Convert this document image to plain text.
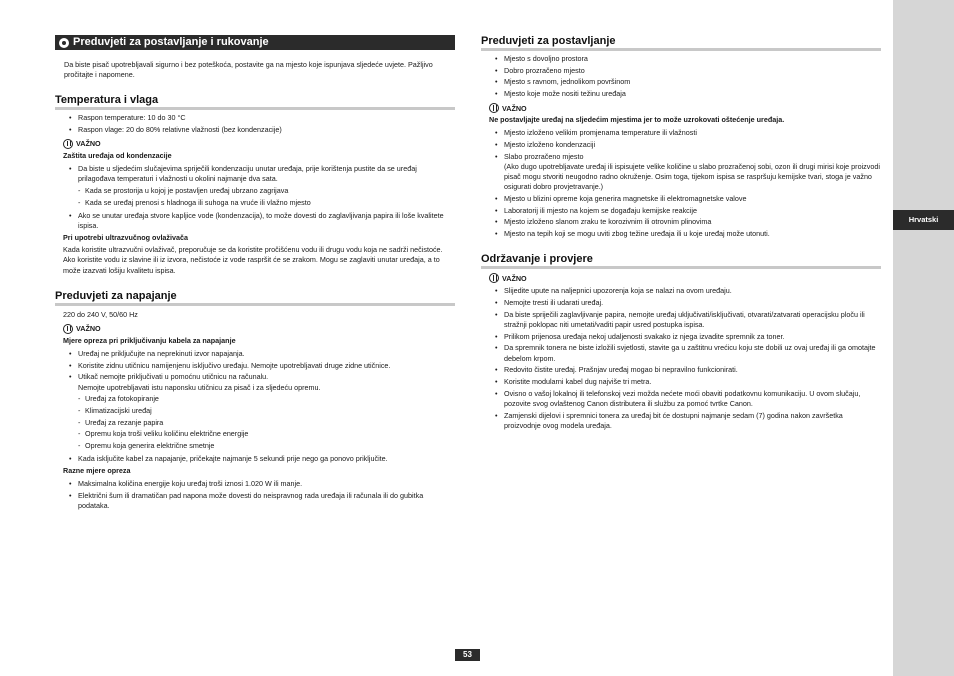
Hrvatski
Preduvjeti za postavljanje i rukovanje

Da biste pisač upotrebljavali sigurno i bez poteškoća, postavite ga na mjesto koje ispunjava sljedeće uvjete. Pažljivo pročitajte i napomene.

Temperatura i vlaga
• Raspon temperature: 10 do 30 °C
• Raspon vlage: 20 do 80% relativne vlažnosti (bez kondenzacije)
VAŽNO
Zaštita uređaja od kondenzacije
• Da biste u sljedećim slučajevima spriječili kondenzaciju unutar uređaja, prije korištenja pustite da se uređaj prilagođava temperaturi i vlažnosti u okolini najmanje dva sata.
- Kada se prostorija u kojoj je postavljen uređaj ubrzano zagrijava
- Kada se uređaj prenosi s hladnoga ili suhoga na vruće ili vlažno mjesto
• Ako se unutar uređaja stvore kapljice vode (kondenzacija), to može dovesti do zaglavljivanja papira ili loše kvalitete ispisa.
Pri upotrebi ultrazvučnog ovlaživača

Kada koristite ultrazvučni ovlaživač, preporučuje se da koristite pročišćenu vodu ili drugu vodu koja ne sadrži nečistoće.
Ako koristite vodu iz slavine ili iz izvora, nečistoće iz vode raspršit će se zrakom. Mogu se zaglaviti unutar uređaja, a to može izazvati lošiju kvalitetu ispisa.

Preduvjeti za napajanje

220 do 240 V, 50/60 Hz

VAŽNO
Mjere opreza pri priključivanju kabela za napajanje
• Uređaj ne priključujte na neprekinuti izvor napajanja.
• Koristite zidnu utičnicu namijenjenu isključivo uređaju. Nemojte upotrebljavati druge zidne utičnice.
• Utikač nemojte priključivati u pomoćnu utičnicu na računalu.
Nemojte upotrebljavati istu naponsku utičnicu za pisač i za sljedeću opremu.
- Uređaj za fotokopiranje
- Klimatizacijski uređaj
- Uređaj za rezanje papira
- Opremu koja troši veliku količinu električne energije
- Opremu koja generira električne smetnje
• Kada isključite kabel za napajanje, pričekajte najmanje 5 sekundi prije nego ga ponovo priključite.
Razne mjere opreza
• Maksimalna količina energije koju uređaj troši iznosi 1.020 W ili manje.
• Električni šum ili dramatičan pad napona može dovesti do neispravnog rada uređaja ili računala ili do gubitka podataka.
Preduvjeti za postavljanje
• Mjesto s dovoljno prostora
• Dobro prozračeno mjesto
• Mjesto s ravnom, jednolikom površinom
• Mjesto koje može nositi težinu uređaja
VAŽNO
Ne postavljajte uređaj na sljedećim mjestima jer to može uzrokovati oštećenje uređaja.
• Mjesto izloženo velikim promjenama temperature ili vlažnosti
• Mjesto izloženo kondenzaciji
• Slabo prozračeno mjesto
(Ako dugo upotrebljavate uređaj ili ispisujete velike količine u slabo prozračenoj sobi, ozon ili drugi mirisi koje proizvodi pisač mogu stvoriti neugodno radno okruženje. Osim toga, tijekom ispisa se raspršuju kemijske tvari, stoga je važno osigurati dobro provjetravanje.)
• Mjesto u blizini opreme koja generira magnetske ili elektromagnetske valove
• Laboratorij ili mjesto na kojem se događaju kemijske reakcije
• Mjesto izloženo slanom zraku te korozivnim ili otrovnim plinovima
• Mjesto na tepih koji se mogu uviti zbog težine uređaja ili u koje uređaj može utonuti.
Održavanje i provjere
VAŽNO
• Slijedite upute na naljepnici upozorenja koja se nalazi na ovom uređaju.
• Nemojte tresti ili udarati uređaj.
• Da biste spriječili zaglavljivanje papira, nemojte uređaj uključivati/isključivati, otvarati/zatvarati operacijsku ploču ili stražnji poklopac niti umetati/vaditi papir usred postupka ispisa.
• Prilikom prijenosa uređaja nekoj udaljenosti svakako iz njega izvadite spremnik za toner.
• Da spremnik tonera ne biste izložili svjetlosti, stavite ga u zaštitnu vrećicu koju ste dobili uz ovaj uređaj ili ga omotajte debelom krpom.
• Redovito čistite uređaj. Prašnjav uređaj mogao bi nepravilno funkcionirati.
• Koristite modularni kabel dug najviše tri metra.
• Ovisno o vašoj lokalnoj ili telefonskoj vezi možda nećete moći obaviti podatkovnu komunikaciju. U ovom slučaju, pozovite svog ovlaštenog Canon distributera ili službu za pomoć tvrtke Canon.
• Zamjenski dijelovi i spremnici tonera za uređaj bit će dostupni najmanje sedam (7) godina nakon završetka proizvodnje ovog modela uređaja.
53
